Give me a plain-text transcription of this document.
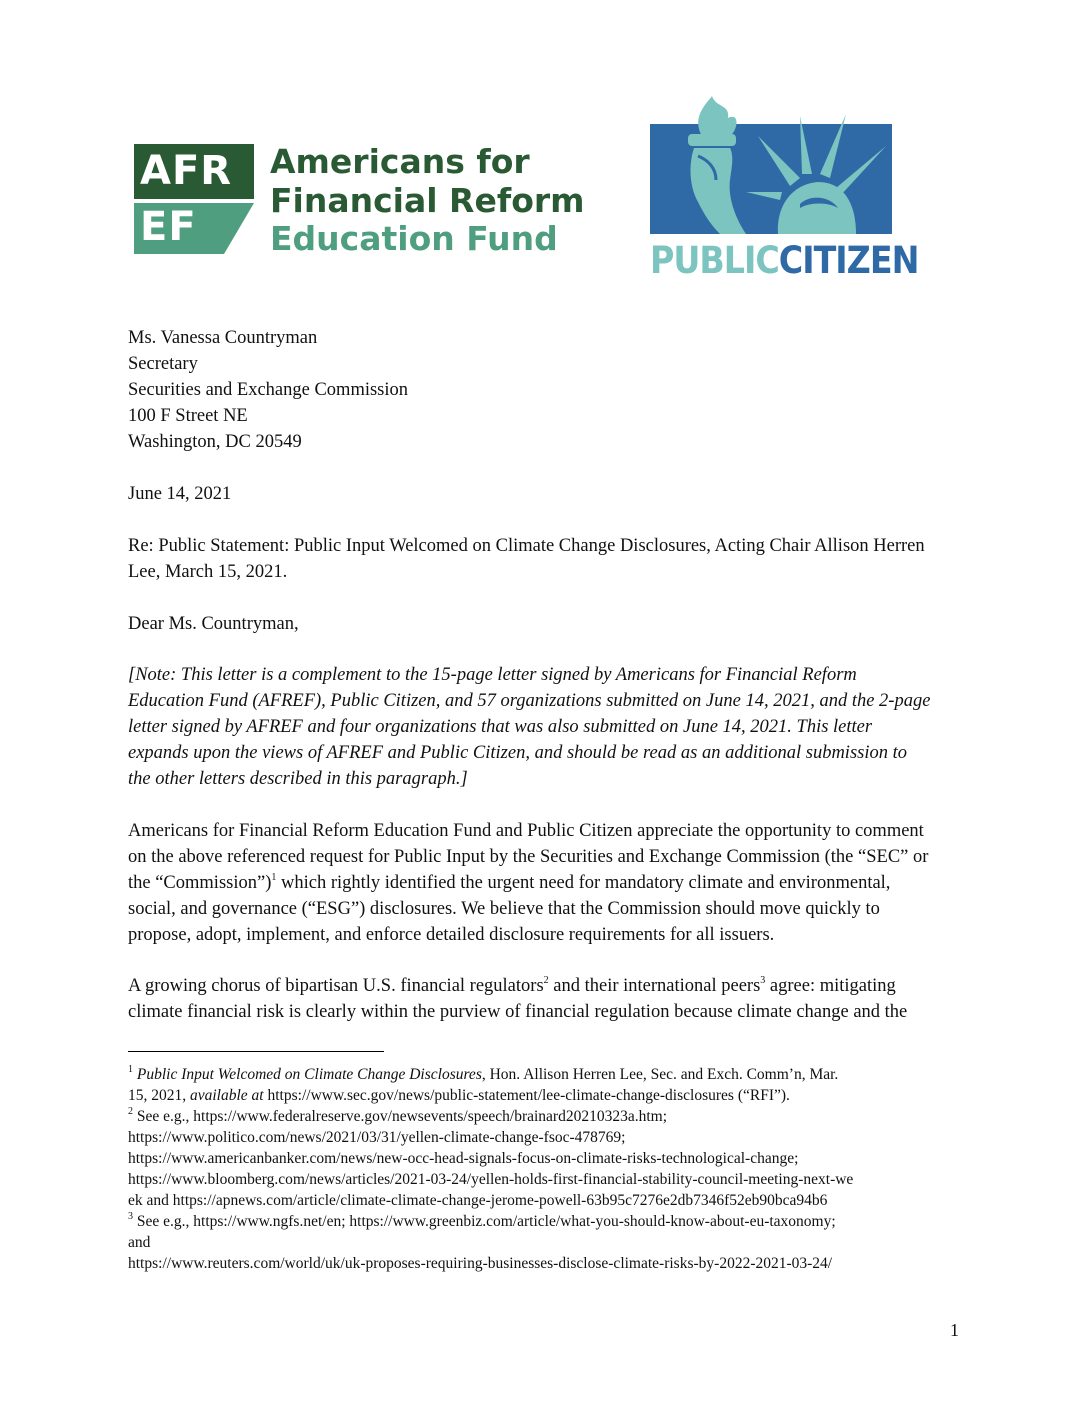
AFR
EF
Americans for
Financial Reform
Education Fund
PUBLICCITIZEN
Ms. Vanessa Countryman
Secretary
Securities and Exchange Commission
100 F Street NE
Washington, DC 20549
June 14, 2021
Re: Public Statement: Public Input Welcomed on Climate Change Disclosures, Acting Chair Allison Herren
Lee, March 15, 2021.
Dear Ms. Countryman,
[Note: This letter is a complement to the 15-page letter signed by Americans for Financial Reform
Education Fund (AFREF), Public Citizen, and 57 organizations submitted on June 14, 2021, and the 2-page
letter signed by AFREF and four organizations that was also submitted on June 14, 2021. This letter
expands upon the views of AFREF and Public Citizen, and should be read as an additional submission to
the other letters described in this paragraph.]
Americans for Financial Reform Education Fund and Public Citizen appreciate the opportunity to comment
on the above referenced request for Public Input by the Securities and Exchange Commission (the “SEC” or
the “Commission”)$^1$ which rightly identified the urgent need for mandatory climate and environmental,
social, and governance (“ESG”) disclosures. We believe that the Commission should move quickly to
propose, adopt, implement, and enforce detailed disclosure requirements for all issuers.
A growing chorus of bipartisan U.S. financial regulators$^2$ and their international peers$^3$ agree: mitigating
climate financial risk is clearly within the purview of financial regulation because climate change and the
$^1$ Public Input Welcomed on Climate Change Disclosures, Hon. Allison Herren Lee, Sec. and Exch. Comm’n, Mar.
15, 2021, available at https://www.sec.gov/news/public-statement/lee-climate-change-disclosures (“RFI”).
$^2$ See e.g., https://www.federalreserve.gov/newsevents/speech/brainard20210323a.htm;
https://www.politico.com/news/2021/03/31/yellen-climate-change-fsoc-478769;
https://www.americanbanker.com/news/new-occ-head-signals-focus-on-climate-risks-technological-change;
https://www.bloomberg.com/news/articles/2021-03-24/yellen-holds-first-financial-stability-council-meeting-next-we
ek and https://apnews.com/article/climate-climate-change-jerome-powell-63b95c7276e2db7346f52eb90bca94b6
$^3$ See e.g., https://www.ngfs.net/en; https://www.greenbiz.com/article/what-you-should-know-about-eu-taxonomy;
and
https://www.reuters.com/world/uk/uk-proposes-requiring-businesses-disclose-climate-risks-by-2022-2021-03-24/
1
